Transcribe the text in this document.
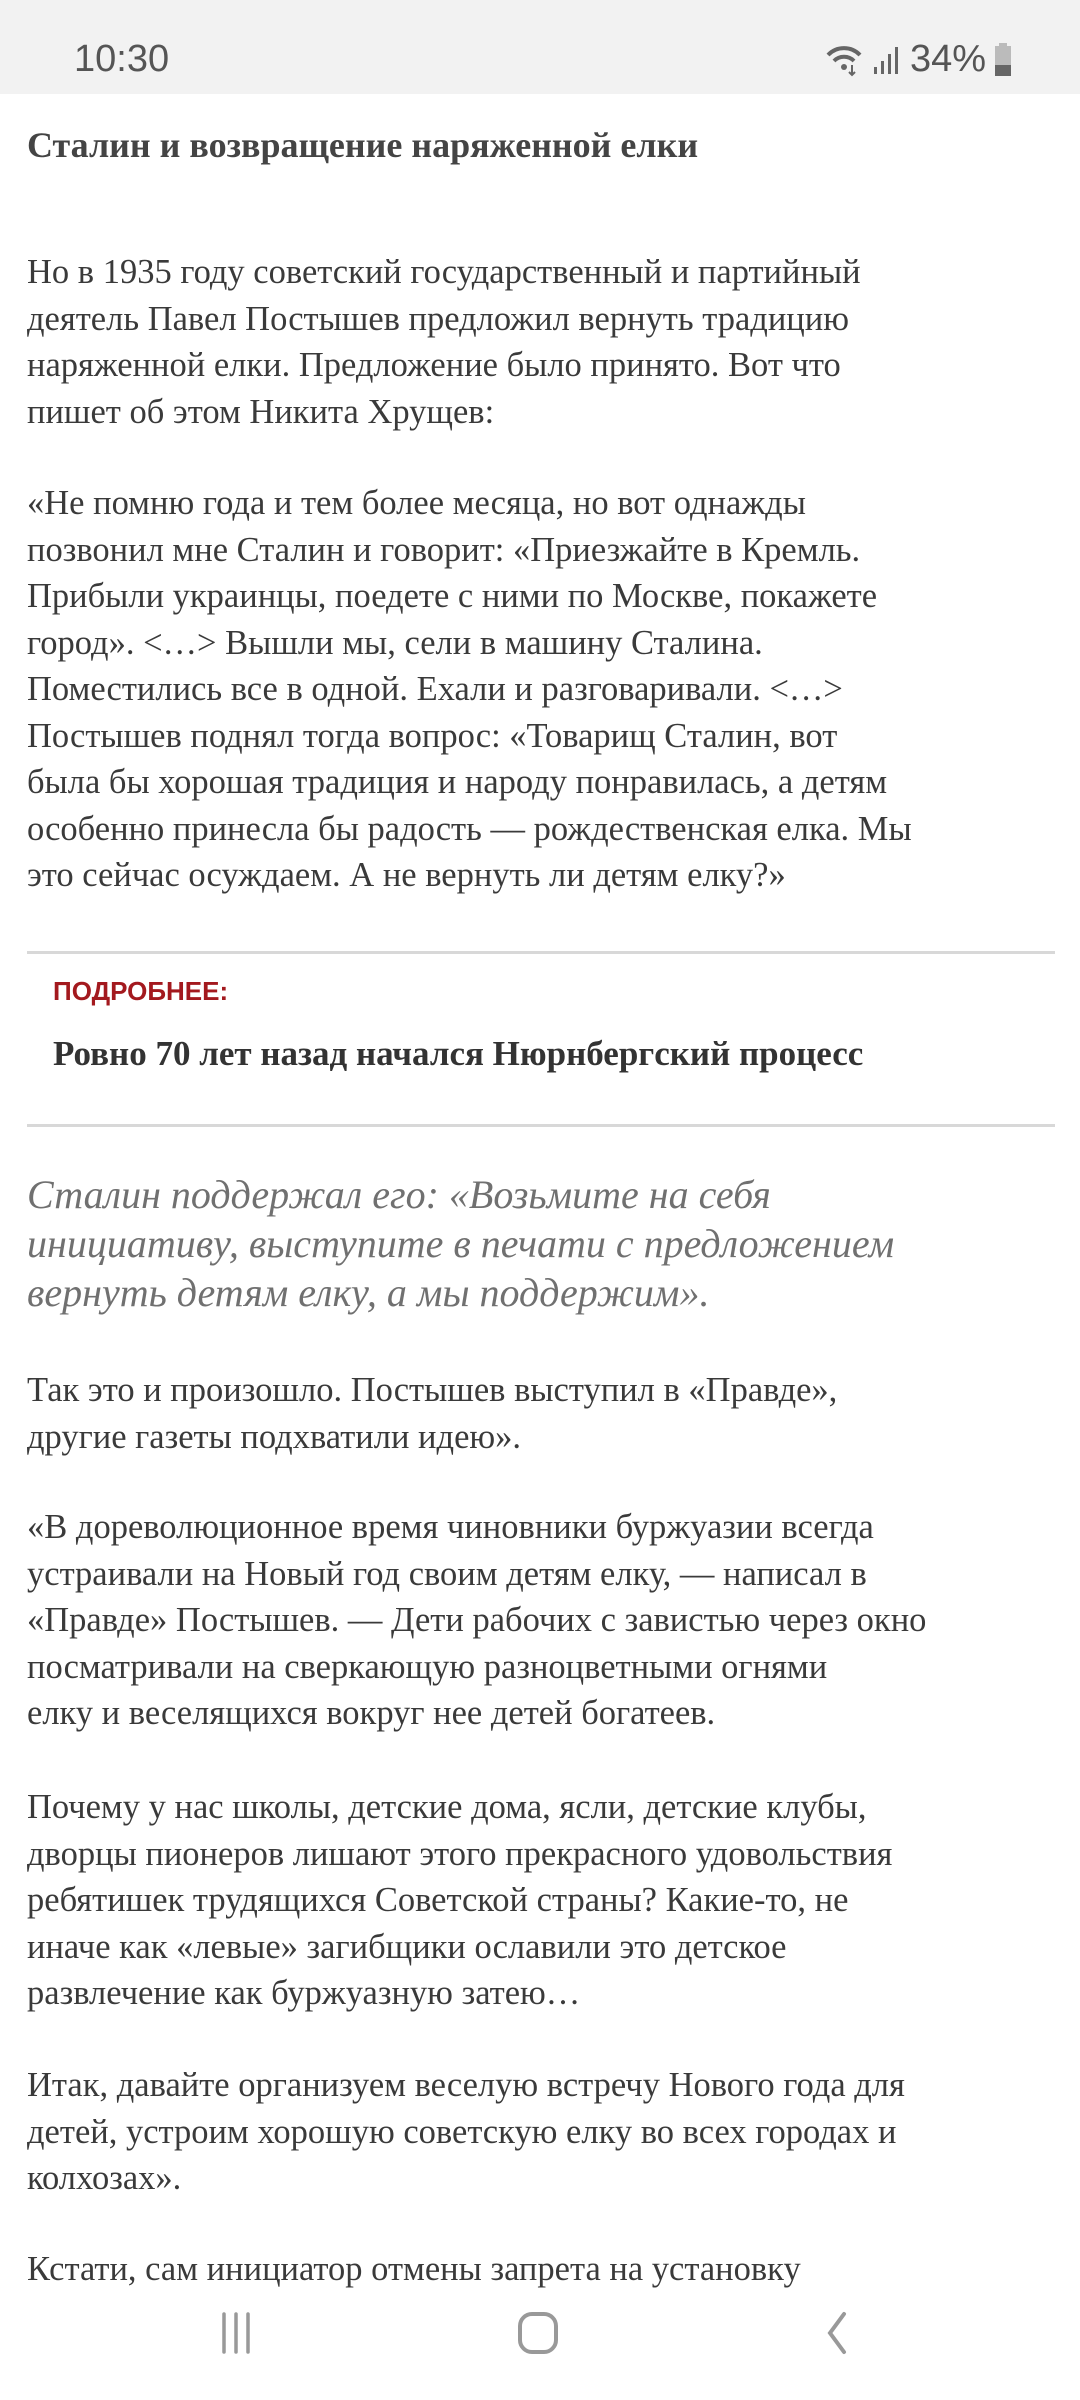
10:30	34%
Сталин и возвращение наряженной елки
Но в 1935 году советский государственный и партийный
деятель Павел Постышев предложил вернуть традицию
наряженной елки. Предложение было принято. Вот что
пишет об этом Никита Хрущев:
«Не помню года и тем более месяца, но вот однажды
позвонил мне Сталин и говорит: «Приезжайте в Кремль.
Прибыли украинцы, поедете с ними по Москве, покажете
город». <…> Вышли мы, сели в машину Сталина.
Поместились все в одной. Ехали и разговаривали. <…>
Постышев поднял тогда вопрос: «Товарищ Сталин, вот
была бы хорошая традиция и народу понравилась, а детям
особенно принесла бы радость — рождественская елка. Мы
это сейчас осуждаем. А не вернуть ли детям елку?»
ПОДРОБНЕЕ:
Ровно 70 лет назад начался Нюрнбергский процесс
Сталин поддержал его: «Возьмите на себя
инициативу, выступите в печати с предложением
вернуть детям елку, а мы поддержим».
Так это и произошло. Постышев выступил в «Правде»,
другие газеты подхватили идею».
«В дореволюционное время чиновники буржуазии всегда
устраивали на Новый год своим детям елку, — написал в
«Правде» Постышев. — Дети рабочих с завистью через окно
посматривали на сверкающую разноцветными огнями
елку и веселящихся вокруг нее детей богатеев.
Почему у нас школы, детские дома, ясли, детские клубы,
дворцы пионеров лишают этого прекрасного удовольствия
ребятишек трудящихся Советской страны? Какие-то, не
иначе как «левые» загибщики ославили это детское
развлечение как буржуазную затею…
Итак, давайте организуем веселую встречу Нового года для
детей, устроим хорошую советскую елку во всех городах и
колхозах».
Кстати, сам инициатор отмены запрета на установку
